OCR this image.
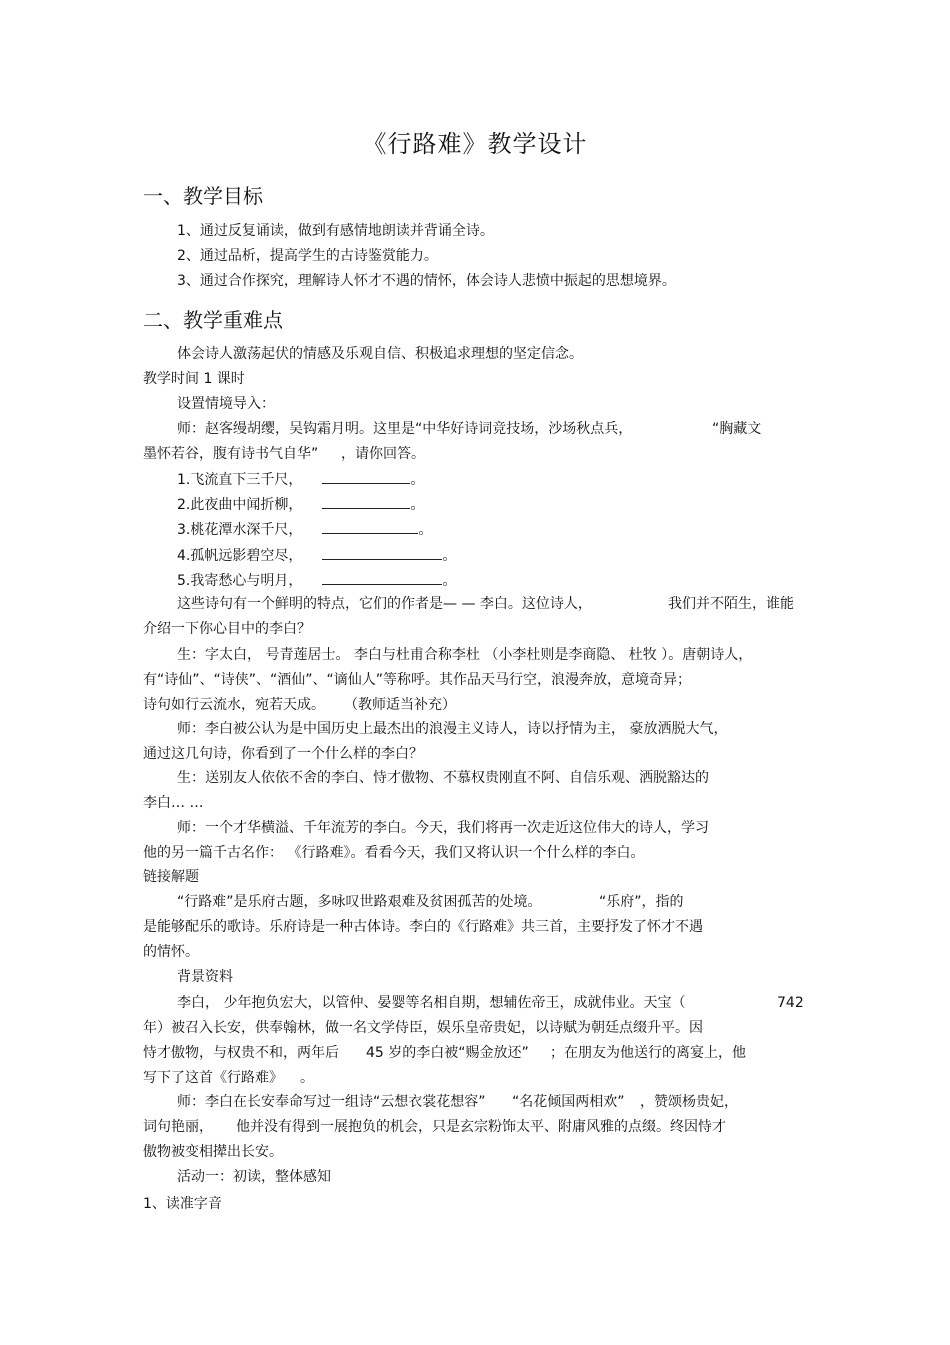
《行路难》教学设计
一、教学目标
1、通过反复诵读，做到有感情地朗读并背诵全诗。
2、通过品析，提高学生的古诗鉴赏能力。
3、通过合作探究，理解诗人怀才不遇的情怀，体会诗人悲愤中振起的思想境界。
二、教学重难点
体会诗人激荡起伏的情感及乐观自信、积极追求理想的坚定信念。
教学时间 1 课时
设置情境导入：
师：赵客缦胡缨，吴钩霜月明。这里是“中华好诗词竞技场，沙场秋点兵，	“胸藏文
墨怀若谷，腹有诗书气自华” ，请你回答。
1.飞流直下三千尺，	。
2.此夜曲中闻折柳，	。
3.桃花潭水深千尺，	。
4.孤帆远影碧空尽，	。
5.我寄愁心与明月，	。
这些诗句有一个鲜明的特点，它们的作者是— — 李白。这位诗人，	我们并不陌生，谁能
介绍一下你心目中的李白？
生：字太白， 号青莲居士。 李白与杜甫合称李杜 （小李杜则是李商隐、 杜牧 ）。唐朝诗人，
有“诗仙”、“诗侠”、“酒仙”、“谪仙人”等称呼。其作品天马行空，浪漫奔放，意境奇异；
诗句如行云流水，宛若天成。 （教师适当补充）
师：李白被公认为是中国历史上最杰出的浪漫主义诗人，诗以抒情为主， 豪放洒脱大气，
通过这几句诗，你看到了一个什么样的李白？
生：送别友人依依不舍的李白、恃才傲物、不慕权贵刚直不阿、自信乐观、洒脱豁达的
李白… …
师：一个才华横溢、千年流芳的李白。今天，我们将再一次走近这位伟大的诗人，学习
他的另一篇千古名作： 《行路难》。看看今天，我们又将认识一个什么样的李白。
链接解题
“行路难”是乐府古题，多咏叹世路艰难及贫困孤苦的处境。	“乐府”，指的
是能够配乐的歌诗。乐府诗是一种古体诗。李白的《行路难》共三首，主要抒发了怀才不遇
的情怀。
背景资料
李白， 少年抱负宏大，以管仲、晏婴等名相自期，想辅佐帝王，成就伟业。天宝（	742
年）被召入长安，供奉翰林，做一名文学侍臣，娱乐皇帝贵妃，以诗赋为朝廷点缀升平。因
恃才傲物，与权贵不和，两年后 45 岁的李白被“赐金放还” ；在朋友为他送行的离宴上，他
写下了这首《行路难》 。
师：李白在长安奉命写过一组诗“云想衣裳花想容” “名花倾国两相欢” ，赞颂杨贵妃，
词句艳丽， 他并没有得到一展抱负的机会，只是玄宗粉饰太平、附庸风雅的点缀。终因恃才
傲物被变相撵出长安。
活动一：初读，整体感知
1、读准字音
